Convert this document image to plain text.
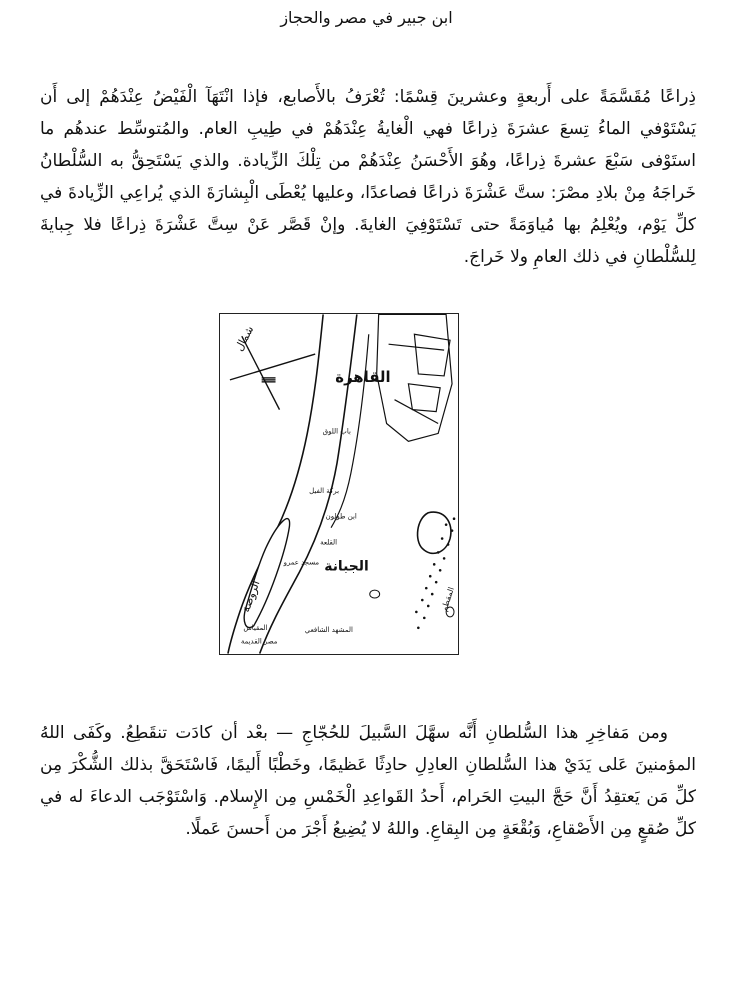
ابن جبير في مصر والحجاز

ذِراعًا مُقَسَّمَةً على أَربعةٍ وعشرينَ قِسْمًا: تُعْرَفُ بالأَصابع، فإذا انْتَهَآ الْفَيْضُ عِنْدَهُمْ إلى أَن يَسْتَوْفي الماءُ تِسعَ عشرَةَ ذِراعًا فهي الْغايةُ عِنْدَهُمْ في طِيبِ العام. والمُتوسِّط عندهُم ما استَوْفى سَبْعَ عشرةَ ذِراعًا، وهُوَ الأَحْسَنُ عِنْدَهُمْ من تِلْكَ الزِّيادة. والذي يَسْتَحِقُّ به السُّلْطانُ خَراجَهُ مِنْ بلادِ مصْرَ: ستَّ عَشْرَةَ ذراعًا فصاعدًا، وعليها يُعْطَى الْبِشارَةَ الذي يُراعِي الزِّيادةَ في كلِّ يَوْم، ويُعْلِمُ بها مُياوَمَةً حتى تَسْتَوْفِيَ الغايةَ. وإنْ قَصَّر عَنْ سِتَّ عَشْرَةَ ذِراعًا فلا جِبايةَ لِلسُّلْطانِ في ذلك العامِ ولا خَراجَ.

شمال
الروضة
القاهرة
الجبانة
باب اللوق
بركة الفيل
ابن طولون
القلعة
مسجد عمرو
المشهد الشافعي
المقياس
مصر القديمة
المقطم

ومن مَفاخِرِ هذا السُّلطانِ أَنَّه سهَّلَ السَّبيلَ للحُجّاجِ — بعْد أن كادَت تنقَطِعُ. وكَفَى اللهُ المؤمنينَ عَلى يَدَيْ هذا السُّلطانِ العادِلِ حادِثًا عَظيمًا، وخَطْبًا أَليمًا، فَاسْتَحَقَّ بذلك الشُّكْرَ مِن كلِّ مَن يَعتقِدُ أَنَّ حَجَّ البيتِ الحَرام، أَحدُ القَواعِدِ الْخَمْسِ مِن الإِسلام. وَاسْتَوْجَب الدعاءَ له في كلِّ صُقعٍ مِن الأَصْقاعِ، وَبُقْعَةٍ مِن البِقاعِ. واللهُ لا يُضِيعُ أَجْرَ من أَحسنَ عَملًا.
